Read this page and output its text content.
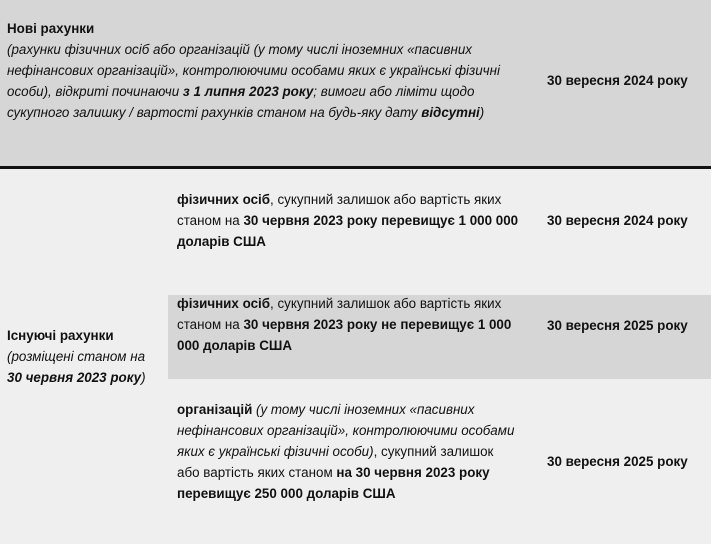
Нові рахунки
(рахунки фізичних осіб або організацій (у тому числі іноземних «пасивних нефінансових організацій», контролюючими особами яких є українські фізичні особи), відкриті починаючи з 1 липня 2023 року; вимоги або ліміти щодо сукупного залишку / вартості рахунків станом на будь-яку дату відсутні)
30 вересня 2024 року
Існуючі рахунки
(розміщені станом на 30 червня 2023 року)
фізичних осіб, сукупний залишок або вартість яких станом на 30 червня 2023 року перевищує 1 000 000 доларів США
30 вересня 2024 року
фізичних осіб, сукупний залишок або вартість яких станом на 30 червня 2023 року не перевищує 1 000 000 доларів США
30 вересня 2025 року
організацій (у тому числі іноземних «пасивних нефінансових організацій», контролюючими особами яких є українські фізичні особи), сукупний залишок або вартість яких станом на 30 червня 2023 року перевищує 250 000 доларів США
30 вересня 2025 року
